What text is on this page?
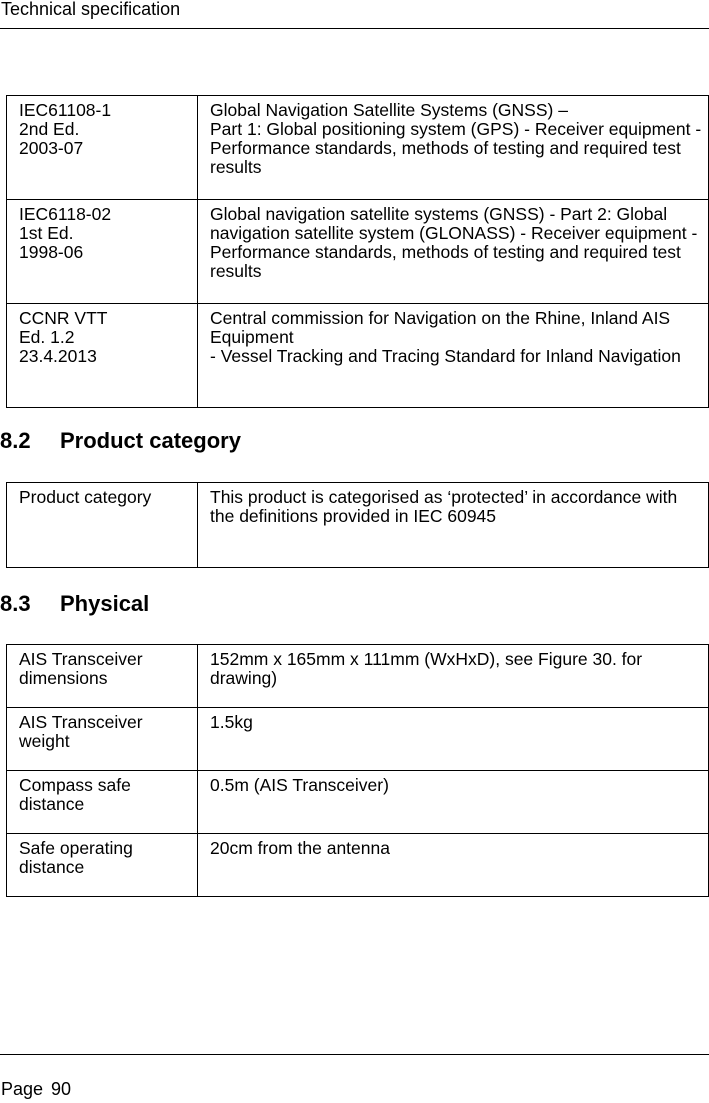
Technical specification
IEC61108-1
2nd Ed.
2003-07	Global Navigation Satellite Systems (GNSS) –
Part 1: Global positioning system (GPS) - Receiver equipment - Performance standards, methods of testing and required test results
IEC6118-02
1st Ed.
1998-06	Global navigation satellite systems (GNSS) - Part 2: Global navigation satellite system (GLONASS) - Receiver equipment - Performance standards, methods of testing and required test results
CCNR VTT
Ed. 1.2
23.4.2013	Central commission for Navigation on the Rhine, Inland AIS Equipment
- Vessel Tracking and Tracing Standard for Inland Navigation
8.2 Product category
Product category	This product is categorised as ‘protected’ in accordance with the definitions provided in IEC 60945
8.3 Physical
AIS Transceiver dimensions	152mm x 165mm x 111mm (WxHxD), see Figure 30. for drawing)
AIS Transceiver weight	1.5kg
Compass safe distance	0.5m (AIS Transceiver)
Safe operating distance	20cm from the antenna
Page 90
